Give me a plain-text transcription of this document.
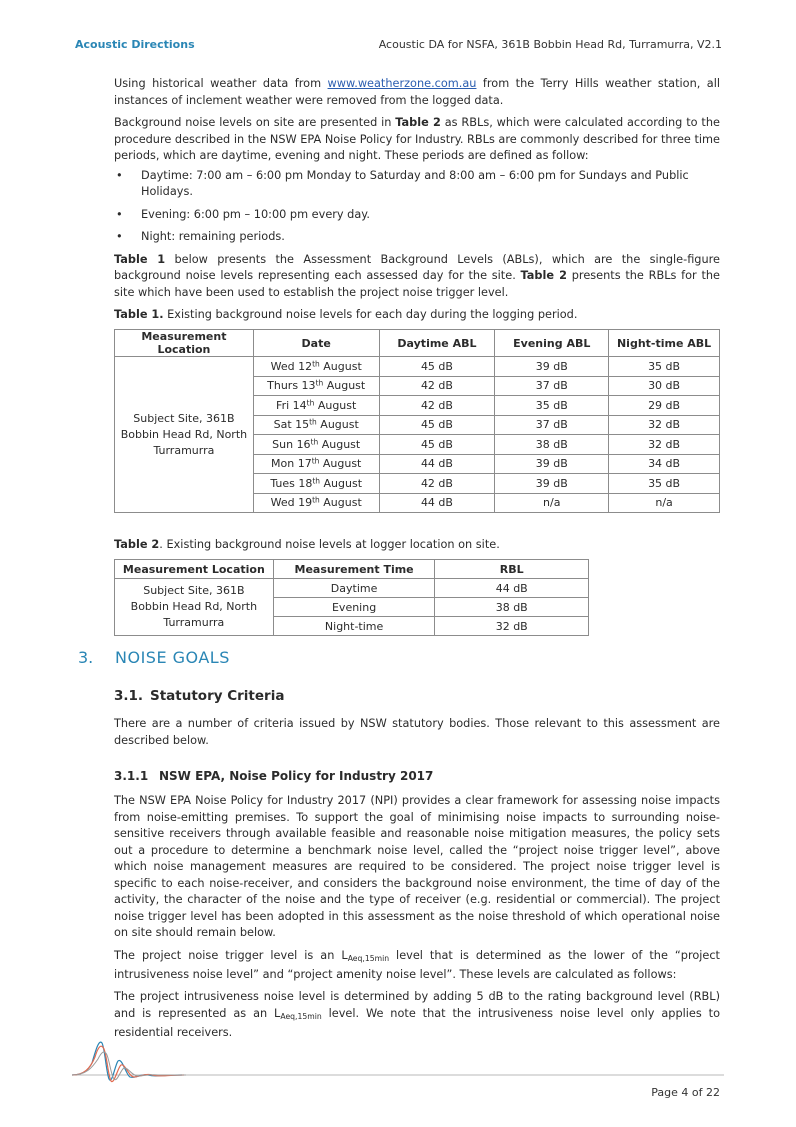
Acoustic Directions	Acoustic DA for NSFA, 361B Bobbin Head Rd, Turramurra, V2.1

Using historical weather data from www.weatherzone.com.au from the Terry Hills weather station, all instances of inclement weather were removed from the logged data.

Background noise levels on site are presented in Table 2 as RBLs, which were calculated according to the procedure described in the NSW EPA Noise Policy for Industry. RBLs are commonly described for three time periods, which are daytime, evening and night. These periods are defined as follow:

• Daytime: 7:00 am – 6:00 pm Monday to Saturday and 8:00 am – 6:00 pm for Sundays and Public Holidays.
• Evening: 6:00 pm – 10:00 pm every day.
• Night: remaining periods.

Table 1 below presents the Assessment Background Levels (ABLs), which are the single-figure background noise levels representing each assessed day for the site. Table 2 presents the RBLs for the site which have been used to establish the project noise trigger level.

Table 1. Existing background noise levels for each day during the logging period.
Measurement Location	Date	Daytime ABL	Evening ABL	Night-time ABL
Subject Site, 361B Bobbin Head Rd, North Turramurra	Wed 12th August	45 dB	39 dB	35 dB
	Thurs 13th August	42 dB	37 dB	30 dB
	Fri 14th August	42 dB	35 dB	29 dB
	Sat 15th August	45 dB	37 dB	32 dB
	Sun 16th August	45 dB	38 dB	32 dB
	Mon 17th August	44 dB	39 dB	34 dB
	Tues 18th August	42 dB	39 dB	35 dB
	Wed 19th August	44 dB	n/a	n/a
Table 2. Existing background noise levels at logger location on site.
Measurement Location	Measurement Time	RBL
Subject Site, 361B Bobbin Head Rd, North Turramurra	Daytime	44 dB
	Evening	38 dB
	Night-time	32 dB
3. NOISE GOALS
3.1. Statutory Criteria

There are a number of criteria issued by NSW statutory bodies. Those relevant to this assessment are described below.

3.1.1 NSW EPA, Noise Policy for Industry 2017

The NSW EPA Noise Policy for Industry 2017 (NPI) provides a clear framework for assessing noise impacts from noise-emitting premises. To support the goal of minimising noise impacts to surrounding noise-sensitive receivers through available feasible and reasonable noise mitigation measures, the policy sets out a procedure to determine a benchmark noise level, called the “project noise trigger level”, above which noise management measures are required to be considered. The project noise trigger level is specific to each noise-receiver, and considers the background noise environment, the time of day of the activity, the character of the noise and the type of receiver (e.g. residential or commercial). The project noise trigger level has been adopted in this assessment as the noise threshold of which operational noise on site should remain below.

The project noise trigger level is an $L_{Aeq,15min}$ level that is determined as the lower of the “project intrusiveness noise level” and “project amenity noise level”. These levels are calculated as follows:

The project intrusiveness noise level is determined by adding 5 dB to the rating background level (RBL) and is represented as an $L_{Aeq,15min}$ level. We note that the intrusiveness noise level only applies to residential receivers.

Page 4 of 22
